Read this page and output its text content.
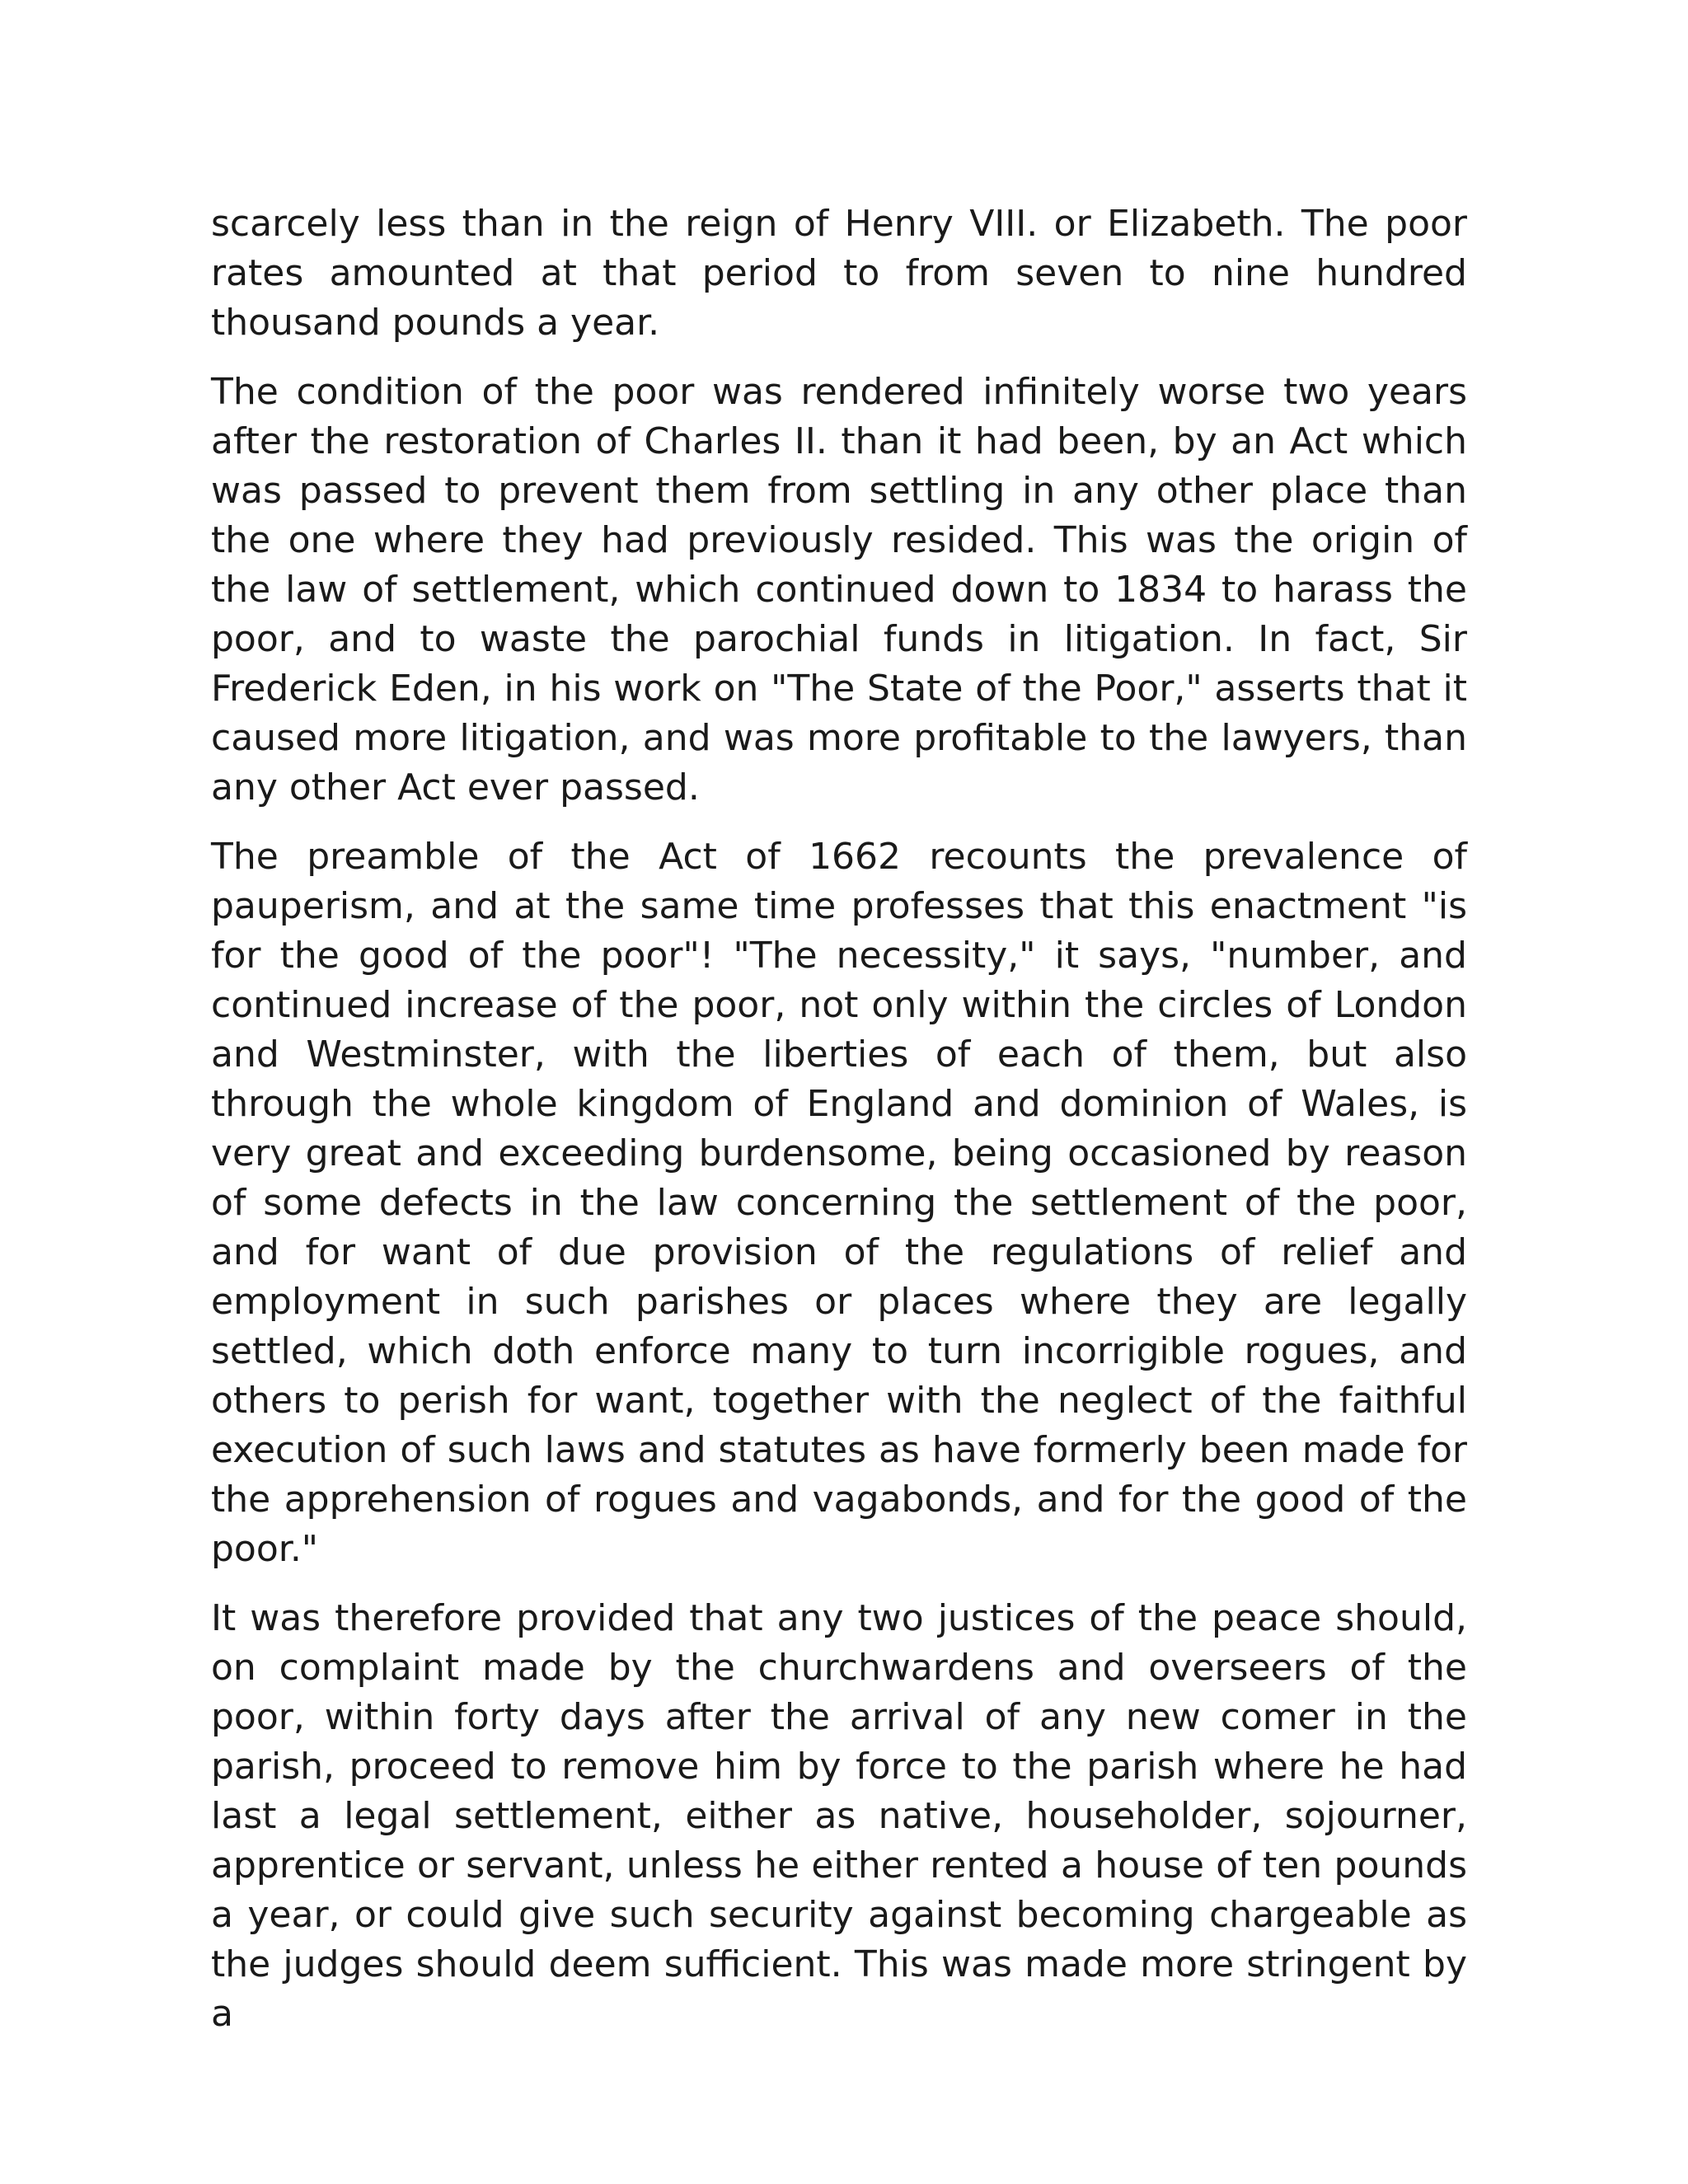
scarcely less than in the reign of Henry VIII. or Elizabeth. The poor rates amounted at that period to from seven to nine hundred thousand pounds a year.

The condition of the poor was rendered infinitely worse two years after the restoration of Charles II. than it had been, by an Act which was passed to prevent them from settling in any other place than the one where they had previously resided. This was the origin of the law of settlement, which continued down to 1834 to harass the poor, and to waste the parochial funds in litigation. In fact, Sir Frederick Eden, in his work on "The State of the Poor," asserts that it caused more litigation, and was more profitable to the lawyers, than any other Act ever passed.

The preamble of the Act of 1662 recounts the prevalence of pauperism, and at the same time professes that this enactment "is for the good of the poor"! "The necessity," it says, "number, and continued increase of the poor, not only within the circles of London and Westminster, with the liberties of each of them, but also through the whole kingdom of England and dominion of Wales, is very great and exceeding burdensome, being occasioned by reason of some defects in the law concerning the settlement of the poor, and for want of due provision of the regulations of relief and employment in such parishes or places where they are legally settled, which doth enforce many to turn incorrigible rogues, and others to perish for want, together with the neglect of the faithful execution of such laws and statutes as have formerly been made for the apprehension of rogues and vagabonds, and for the good of the poor."

It was therefore provided that any two justices of the peace should, on complaint made by the churchwardens and overseers of the poor, within forty days after the arrival of any new comer in the parish, proceed to remove him by force to the parish where he had last a legal settlement, either as native, householder, sojourner, apprentice or servant, unless he either rented a house of ten pounds a year, or could give such security against becoming chargeable as the judges should deem sufficient. This was made more stringent by a
